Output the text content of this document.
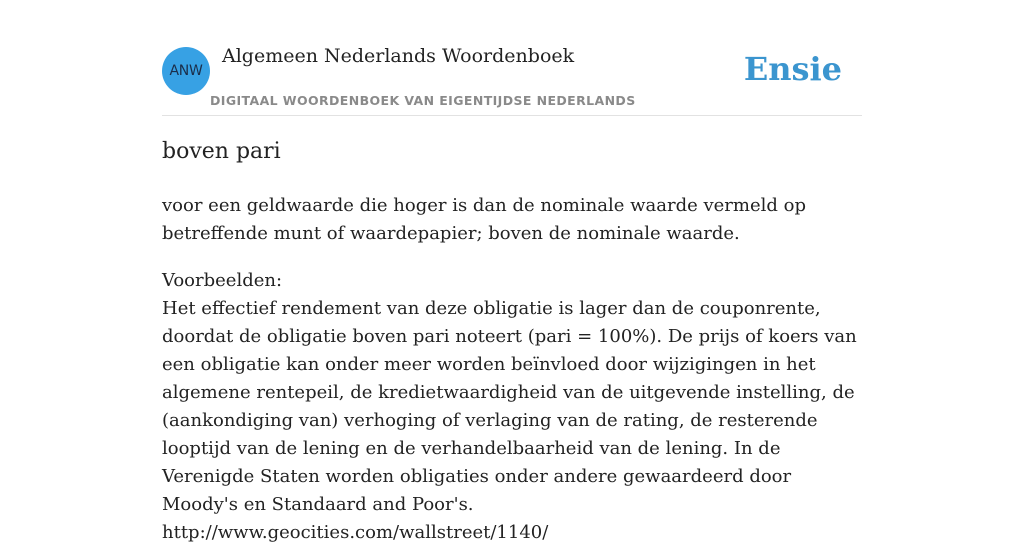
ANW
Algemeen Nederlands Woordenboek
DIGITAAL WOORDENBOEK VAN EIGENTIJDSE NEDERLANDS
Ensie
boven pari
voor een geldwaarde die hoger is dan de nominale waarde vermeld op betreffende munt of waardepapier; boven de nominale waarde.

Voorbeelden:

Het effectief rendement van deze obligatie is lager dan de couponrente, doordat de obligatie boven pari noteert (pari = 100%). De prijs of koers van een obligatie kan onder meer worden beïnvloed door wijzigingen in het algemene rentepeil, de kredietwaardigheid van de uitgevende instelling, de (aankondiging van) verhoging of verlaging van de rating, de resterende looptijd van de lening en de verhandelbaarheid van de lening. In de Verenigde Staten worden obligaties onder andere gewaardeerd door Moody's en Standaard and Poor's.

http://www.geocities.com/wallstreet/1140/
